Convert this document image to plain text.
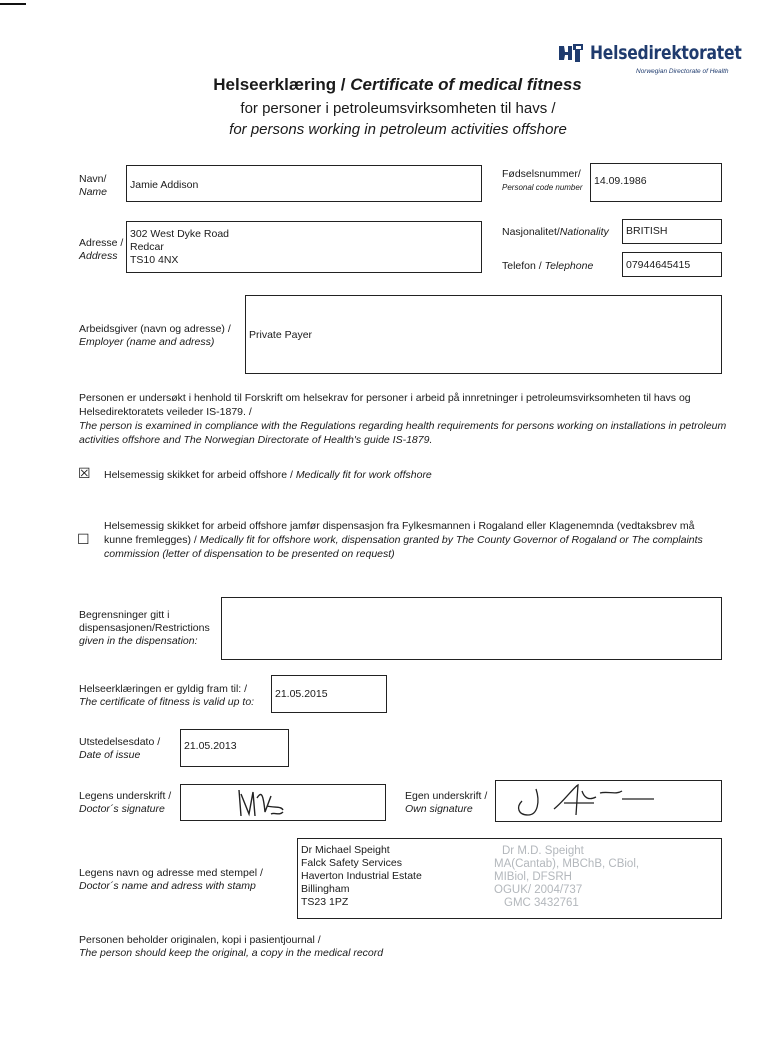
Helsedirektoratet
Norwegian Directorate of Health
Helseerklæring / Certificate of medical fitness
for personer i petroleumsvirksomheten til havs /
for persons working in petroleum activities offshore
Navn/
Name
Jamie Addison
Fødselsnummer/
Personal code number
14.09.1986
Adresse /
Address
302 West Dyke Road
Redcar
TS10 4NX
Nasjonalitet/Nationality	BRITISH
Telefon / Telephone	07944645415
Arbeidsgiver (navn og adresse) /
Employer (name and adress)
Private Payer
Personen er undersøkt i henhold til Forskrift om helsekrav for personer i arbeid på innretninger i petroleumsvirksomheten til havs og Helsedirektoratets veileder IS-1879. /
The person is examined in compliance with the Regulations regarding health requirements for persons working on installations in petroleum activities offshore and The Norwegian Directorate of Health's guide IS-1879.
☒ Helsemessig skikket for arbeid offshore / Medically fit for work offshore
☐
Helsemessig skikket for arbeid offshore jamfør dispensasjon fra Fylkesmannen i Rogaland eller Klagenemnda (vedtaksbrev må kunne fremlegges) / Medically fit for offshore work, dispensation granted by The County Governor of Rogaland or The complaints commission (letter of dispensation to be presented on request)
Begrensninger gitt i
dispensasjonen/Restrictions
given in the dispensation:
Helseerklæringen er gyldig fram til: /
The certificate of fitness is valid up to:
21.05.2015
Utstedelsesdato /
Date of issue
21.05.2013
Legens underskrift /
Doctor´s signature
Egen underskrift /
Own signature
Legens navn og adresse med stempel /
Doctor´s name and adress with stamp
Dr Michael Speight
Falck Safety Services
Haverton Industrial Estate
Billingham
TS23 1PZ
Dr M.D. Speight
MA(Cantab), MBChB, CBiol,
MIBiol, DFSRH
OGUK/ 2004/737
GMC 3432761
Personen beholder originalen, kopi i pasientjournal /
The person should keep the original, a copy in the medical record
